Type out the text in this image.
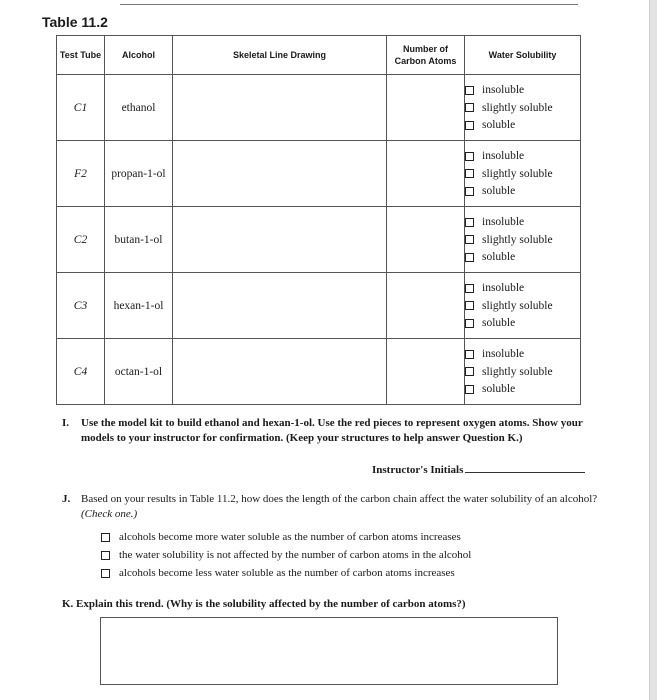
Table 11.2
Test Tube	Alcohol	Skeletal Line Drawing	Number of Carbon Atoms	Water Solubility
C1	ethanol			insoluble
slightly soluble
soluble

F2	propan-1-ol			insoluble
slightly soluble
soluble

C2	butan-1-ol			insoluble
slightly soluble
soluble

C3	hexan-1-ol			insoluble
slightly soluble
soluble

C4	octan-1-ol			insoluble
slightly soluble
soluble
I. Use the model kit to build ethanol and hexan-1-ol. Use the red pieces to represent oxygen atoms. Show your models to your instructor for confirmation. (Keep your structures to help answer Question K.)
Instructor's Initials
J. Based on your results in Table 11.2, how does the length of the carbon chain affect the water solubility of an alcohol? (Check one.)
alcohols become more water soluble as the number of carbon atoms increases
the water solubility is not affected by the number of carbon atoms in the alcohol
alcohols become less water soluble as the number of carbon atoms increases
K. Explain this trend. (Why is the solubility affected by the number of carbon atoms?)
